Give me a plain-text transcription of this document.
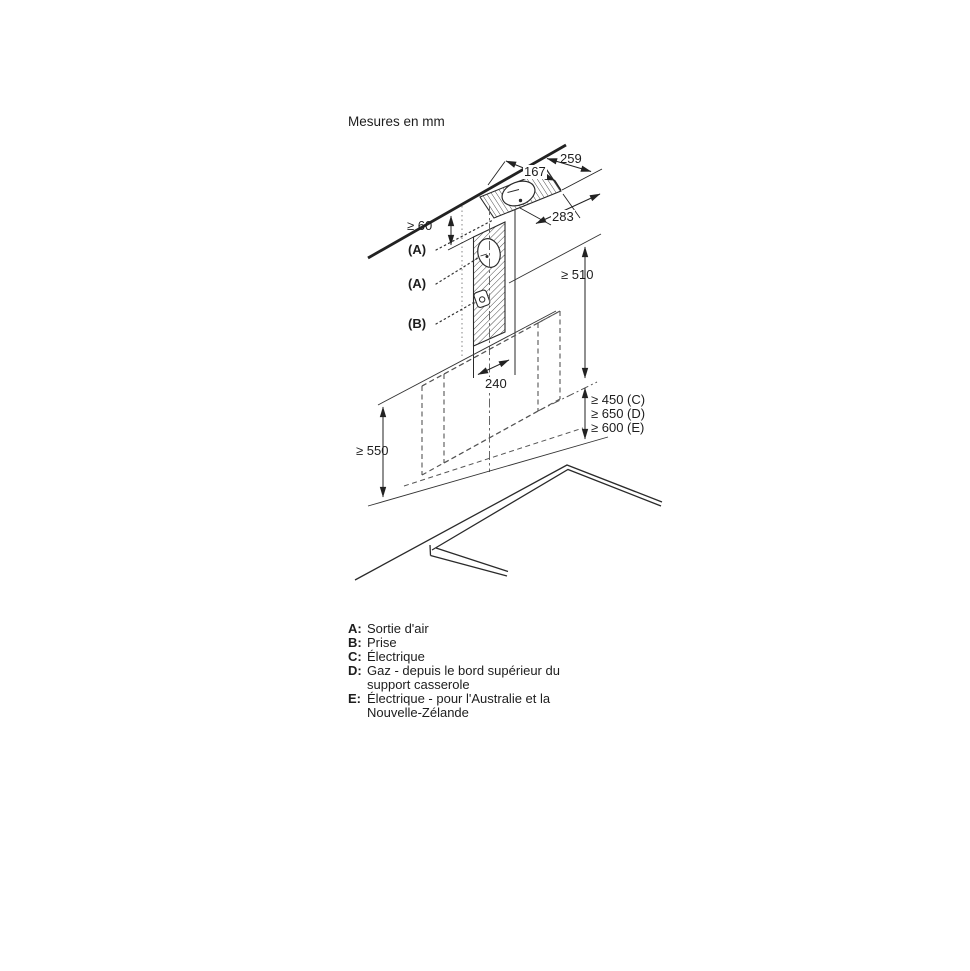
Mesures en mm
259
167
283
≥ 60
≥ 510
240
≥ 550
≥ 450 (C)
≥ 650 (D)
≥ 600 (E)
(A)
(A)
(B)
A: Sortie d'air
B: Prise
C: Électrique
D: Gaz - depuis le bord supérieur du
support casserole
E: Électrique - pour l'Australie et la
Nouvelle-Zélande
